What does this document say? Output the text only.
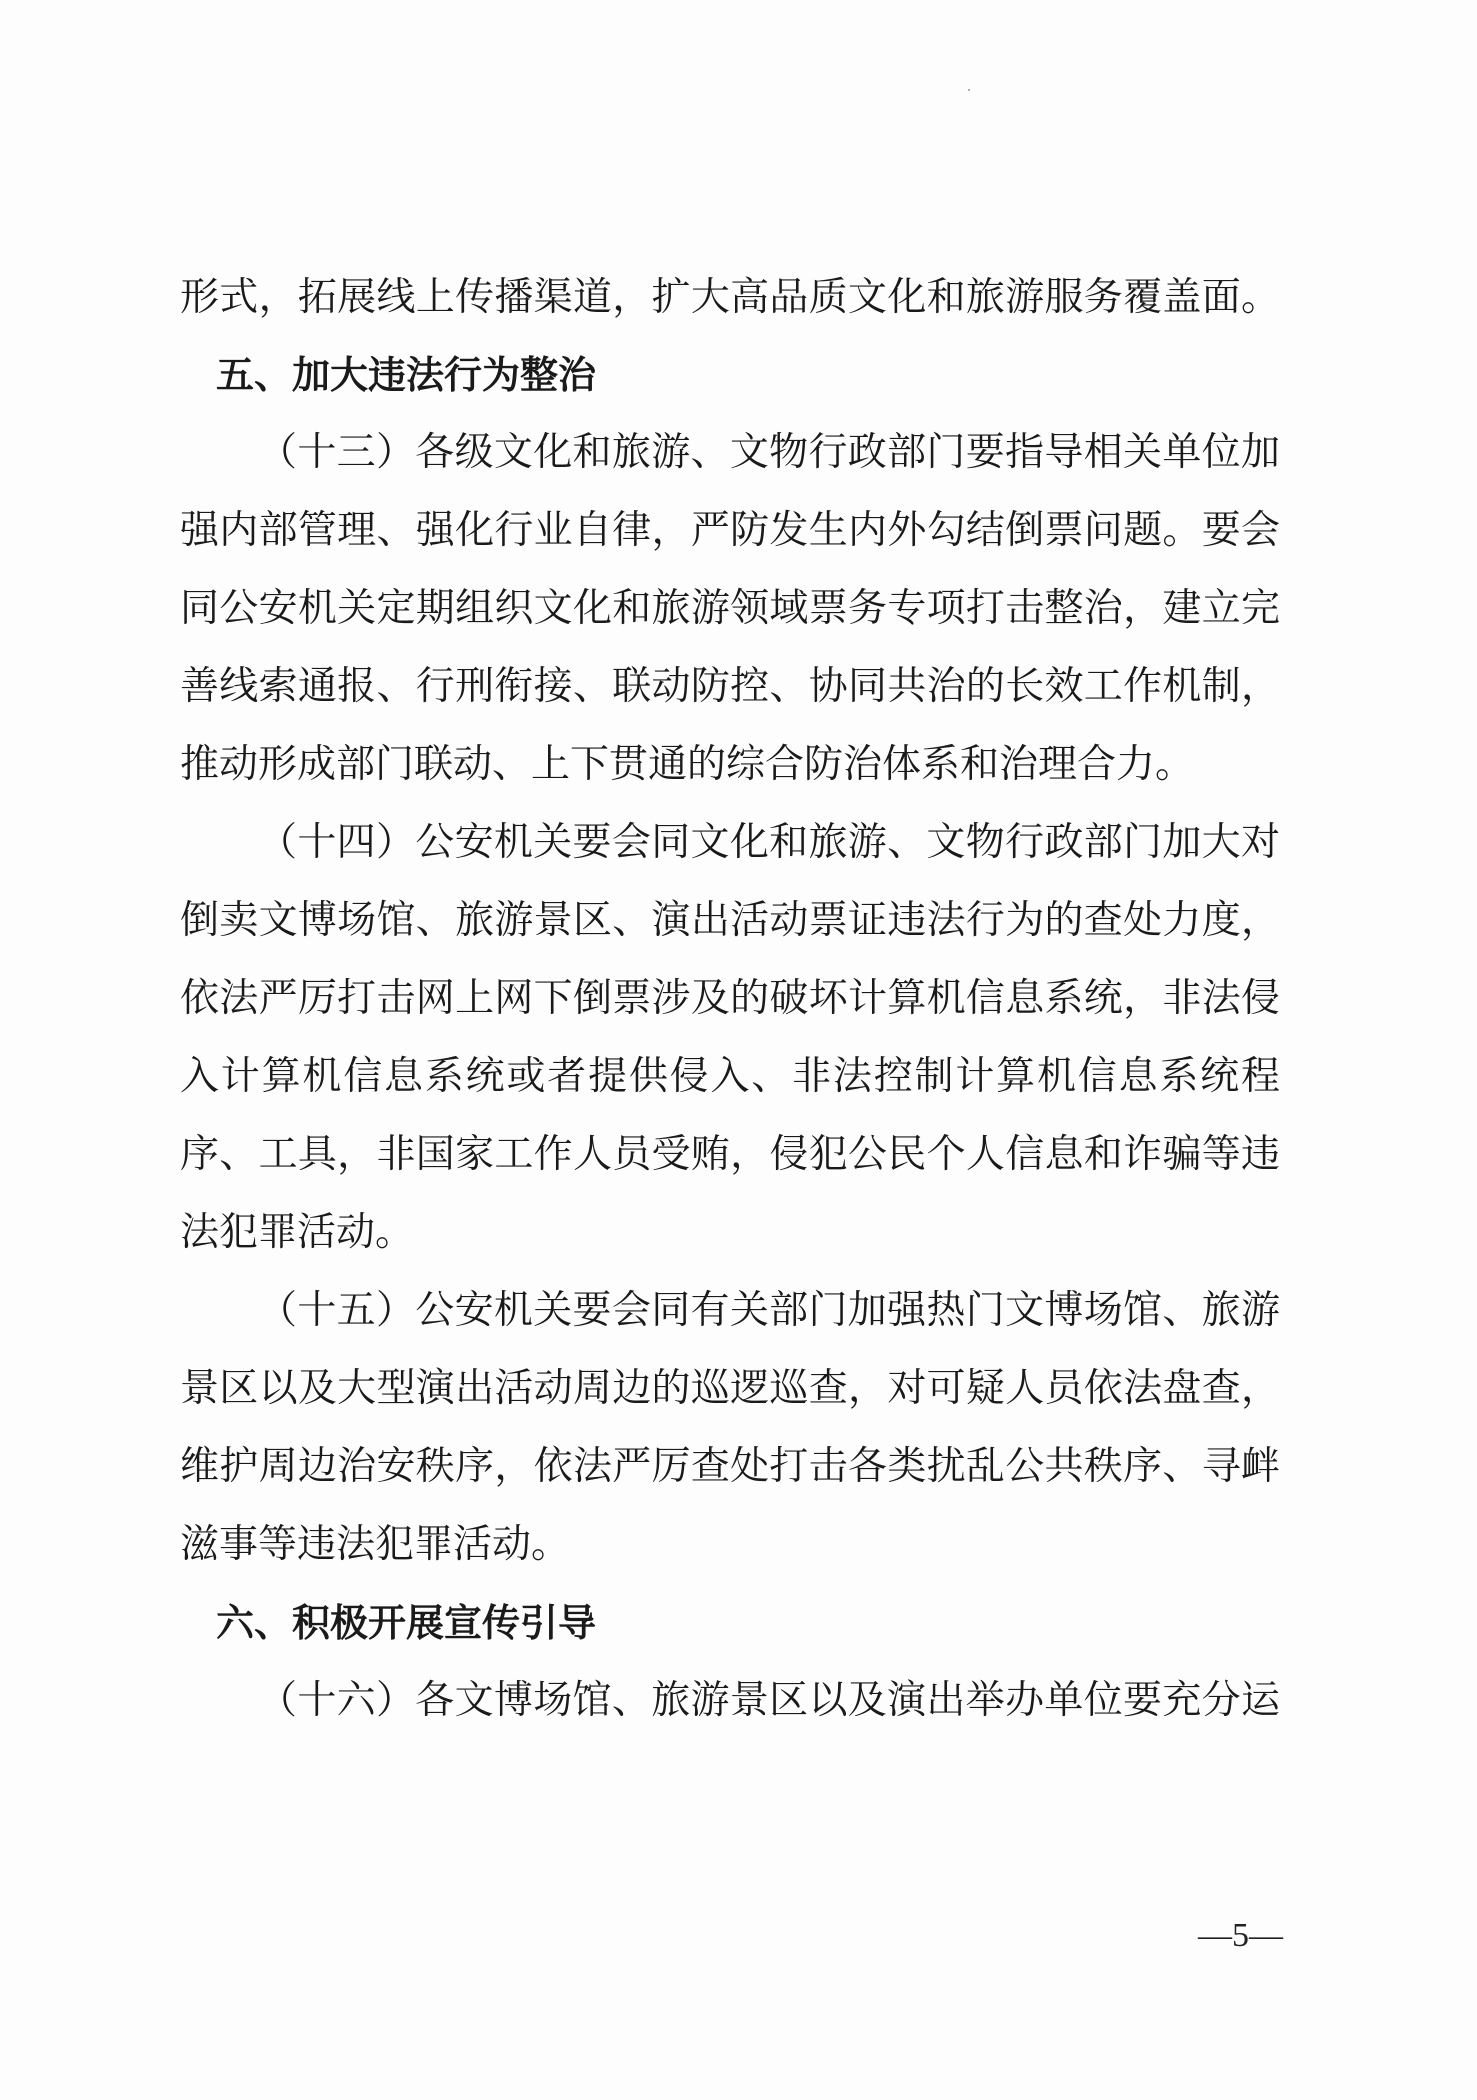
形式，拓展线上传播渠道，扩大高品质文化和旅游服务覆盖面。
五、加大违法行为整治
（十三）各级文化和旅游、文物行政部门要指导相关单位加
强内部管理、强化行业自律，严防发生内外勾结倒票问题。要会
同公安机关定期组织文化和旅游领域票务专项打击整治，建立完
善线索通报、行刑衔接、联动防控、协同共治的长效工作机制，
推动形成部门联动、上下贯通的综合防治体系和治理合力。
（十四）公安机关要会同文化和旅游、文物行政部门加大对
倒卖文博场馆、旅游景区、演出活动票证违法行为的查处力度，
依法严厉打击网上网下倒票涉及的破坏计算机信息系统，非法侵
入计算机信息系统或者提供侵入、非法控制计算机信息系统程
序、工具，非国家工作人员受贿，侵犯公民个人信息和诈骗等违
法犯罪活动。
（十五）公安机关要会同有关部门加强热门文博场馆、旅游
景区以及大型演出活动周边的巡逻巡查，对可疑人员依法盘查，
维护周边治安秩序，依法严厉查处打击各类扰乱公共秩序、寻衅
滋事等违法犯罪活动。
六、积极开展宣传引导
（十六）各文博场馆、旅游景区以及演出举办单位要充分运
—5—
